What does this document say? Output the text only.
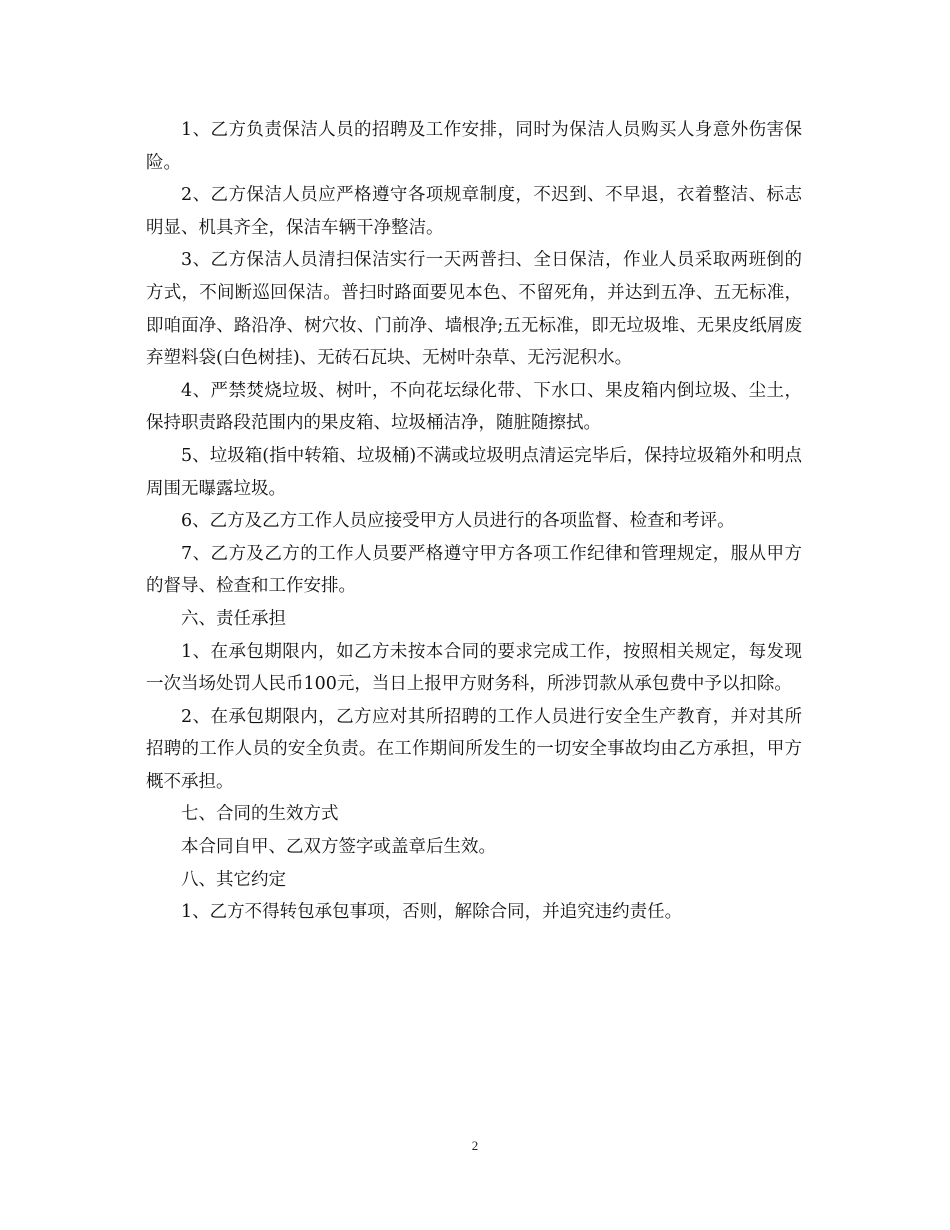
1、乙方负责保洁人员的招聘及工作安排，同时为保洁人员购买人身意外伤害保险。

2、乙方保洁人员应严格遵守各项规章制度，不迟到、不早退，衣着整洁、标志明显、机具齐全，保洁车辆干净整洁。

3、乙方保洁人员清扫保洁实行一天两普扫、全日保洁，作业人员采取两班倒的方式，不间断巡回保洁。普扫时路面要见本色、不留死角，并达到五净、五无标准，即咱面净、路沿净、树穴妆、门前净、墙根净;五无标准，即无垃圾堆、无果皮纸屑废弃塑料袋(白色树挂)、无砖石瓦块、无树叶杂草、无污泥积水。

4、严禁焚烧垃圾、树叶，不向花坛绿化带、下水口、果皮箱内倒垃圾、尘土，保持职责路段范围内的果皮箱、垃圾桶洁净，随脏随擦拭。

5、垃圾箱(指中转箱、垃圾桶)不满或垃圾明点清运完毕后，保持垃圾箱外和明点周围无曝露垃圾。

6、乙方及乙方工作人员应接受甲方人员进行的各项监督、检查和考评。

7、乙方及乙方的工作人员要严格遵守甲方各项工作纪律和管理规定，服从甲方的督导、检查和工作安排。

六、责任承担

1、在承包期限内，如乙方未按本合同的要求完成工作，按照相关规定，每发现一次当场处罚人民币100元，当日上报甲方财务科，所涉罚款从承包费中予以扣除。

2、在承包期限内，乙方应对其所招聘的工作人员进行安全生产教育，并对其所招聘的工作人员的安全负责。在工作期间所发生的一切安全事故均由乙方承担，甲方概不承担。

七、合同的生效方式

本合同自甲、乙双方签字或盖章后生效。

八、其它约定

1、乙方不得转包承包事项，否则，解除合同，并追究违约责任。

2
